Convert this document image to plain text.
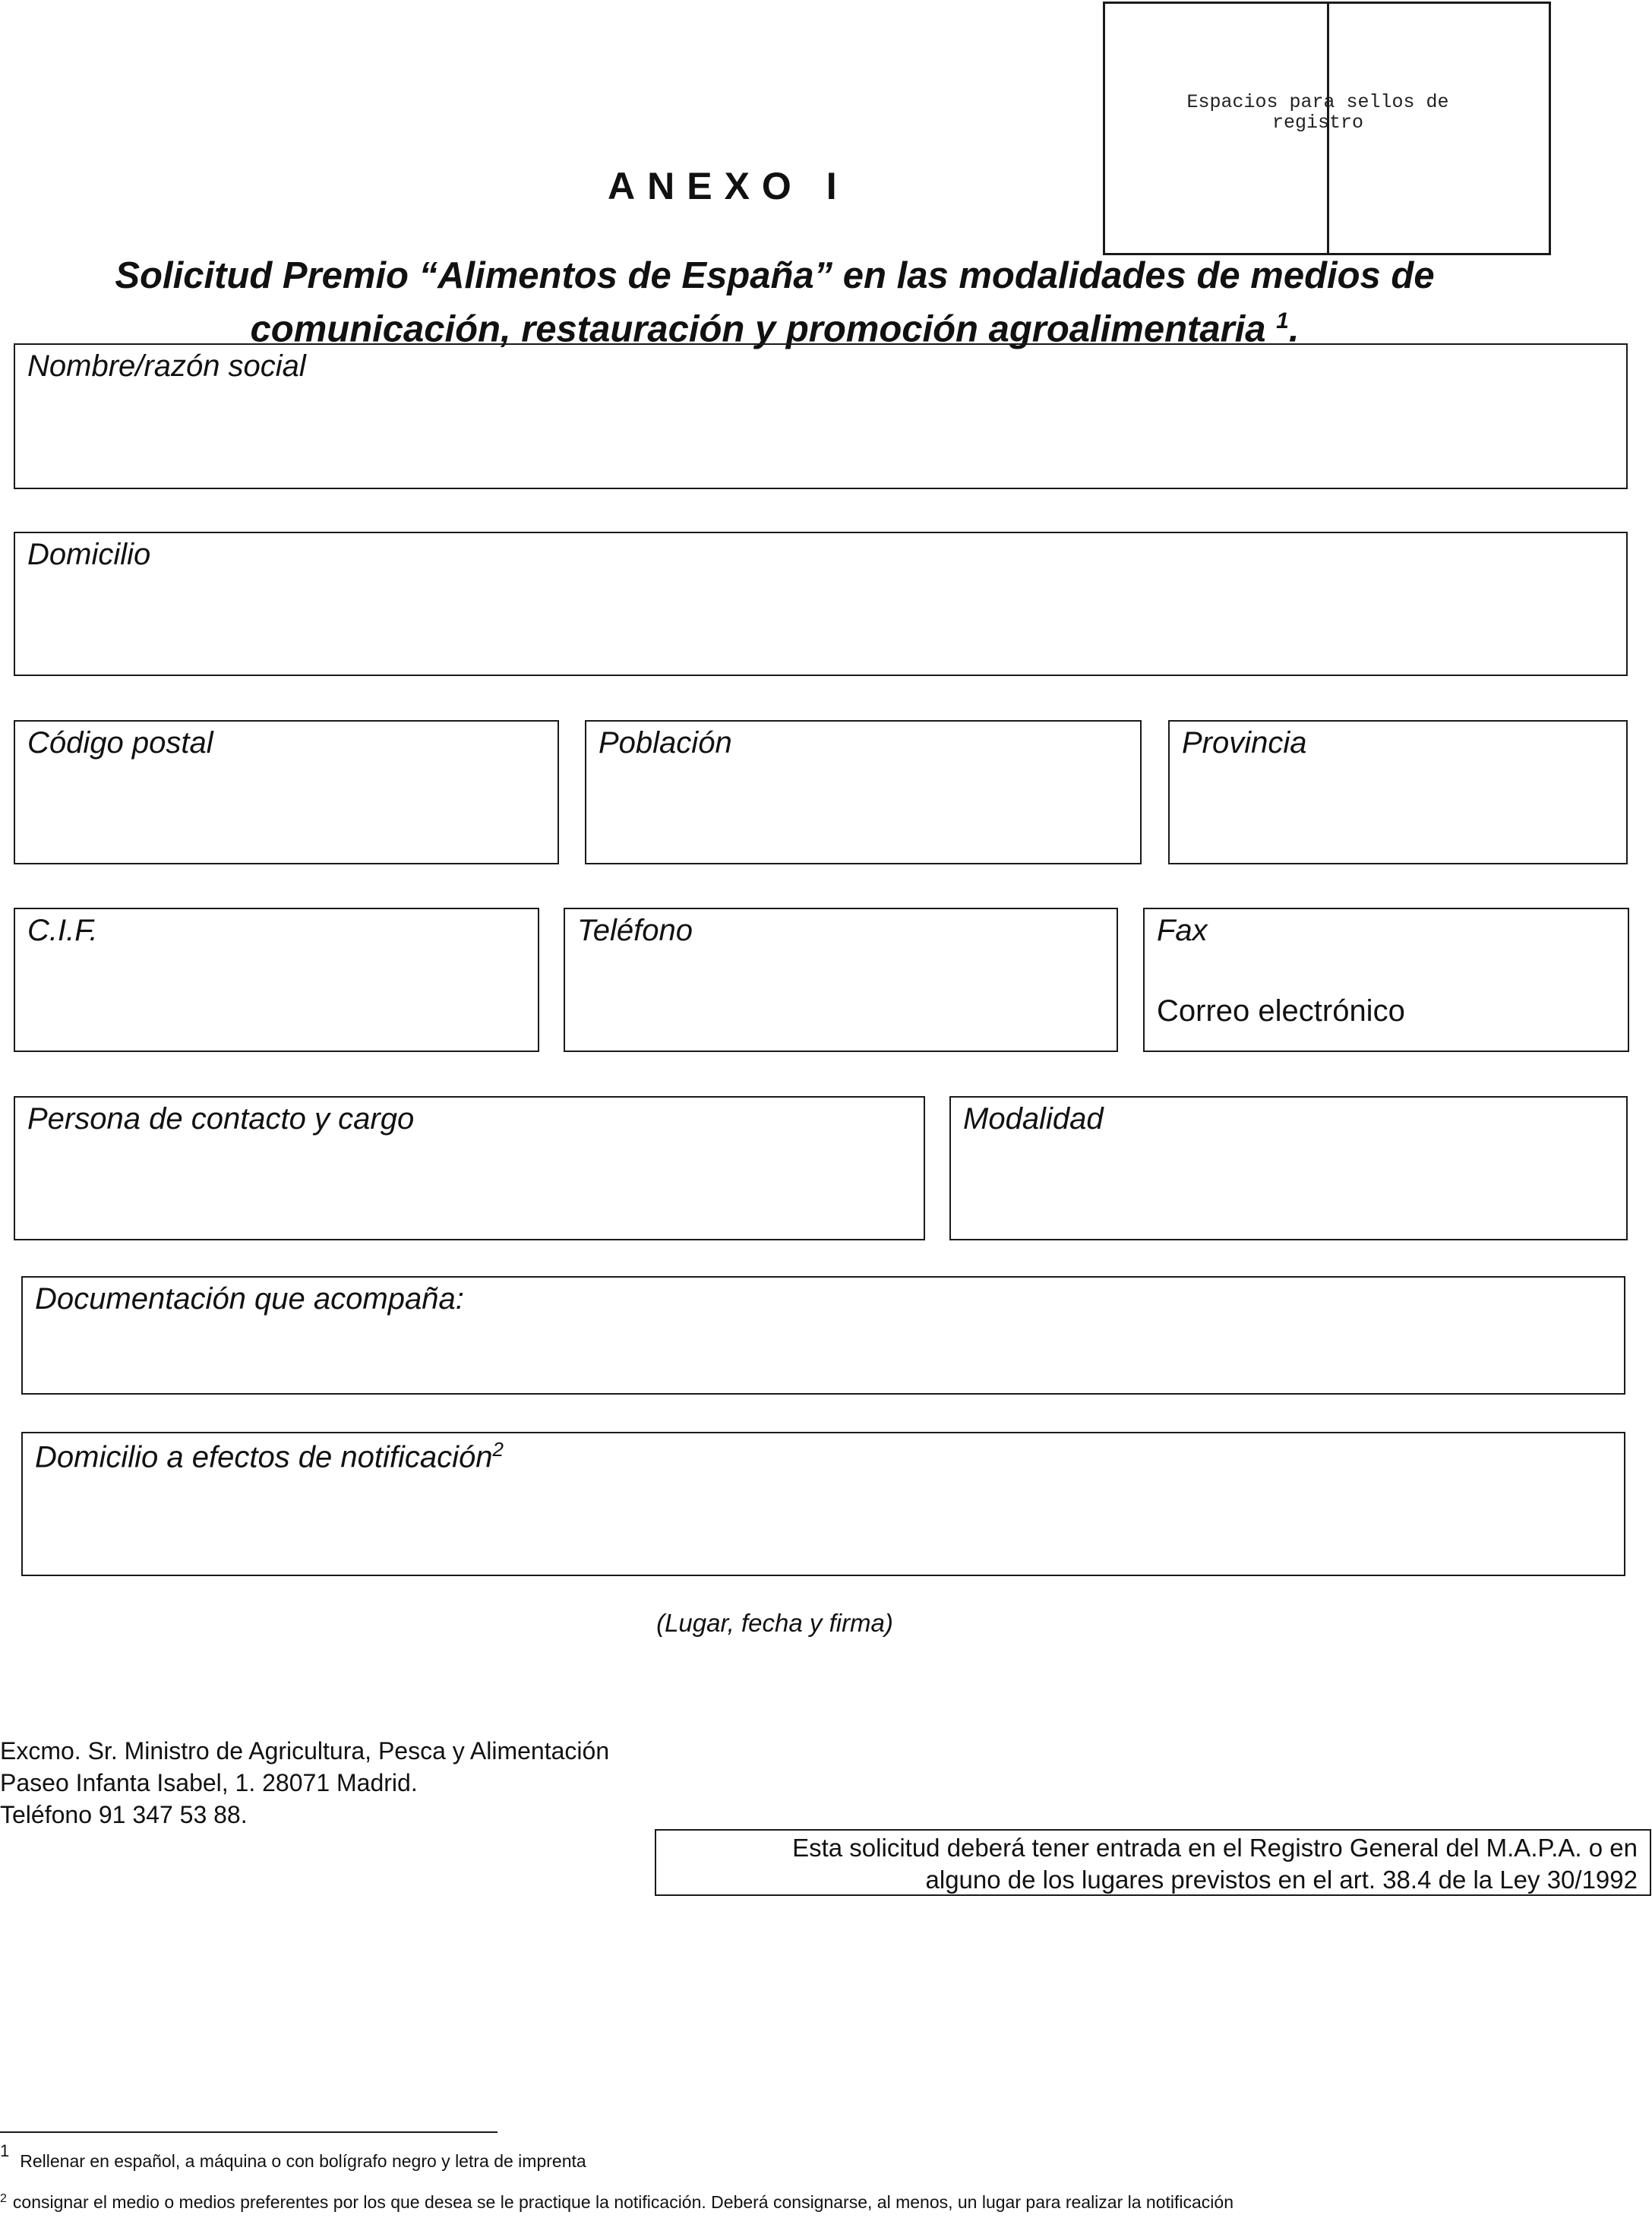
Espacios para sellos de registro
ANEXO I
Solicitud Premio “Alimentos de España” en las modalidades de medios de
comunicación, restauración y promoción agroalimentaria $^1$.
Nombre/razón social
Domicilio
Código postal	Población	Provincia
C.I.F.	Teléfono	Fax
Correo electrónico
Persona de contacto y cargo	Modalidad
Documentación que acompaña:
Domicilio a efectos de notificación$^2$
(Lugar, fecha y firma)
Excmo. Sr. Ministro de Agricultura, Pesca y Alimentación
Paseo Infanta Isabel, 1. 28071 Madrid.
Teléfono 91 347 53 88.
Esta solicitud deberá tener entrada en el Registro General del M.A.P.A. o en
alguno de los lugares previstos en el art. 38.4 de la Ley 30/1992
1Rellenar en español, a máquina o con bolígrafo negro y letra de imprenta
$^2$ consignar el medio o medios preferentes por los que desea se le practique la notificación. Deberá consignarse, al menos, un lugar para realizar la notificación
